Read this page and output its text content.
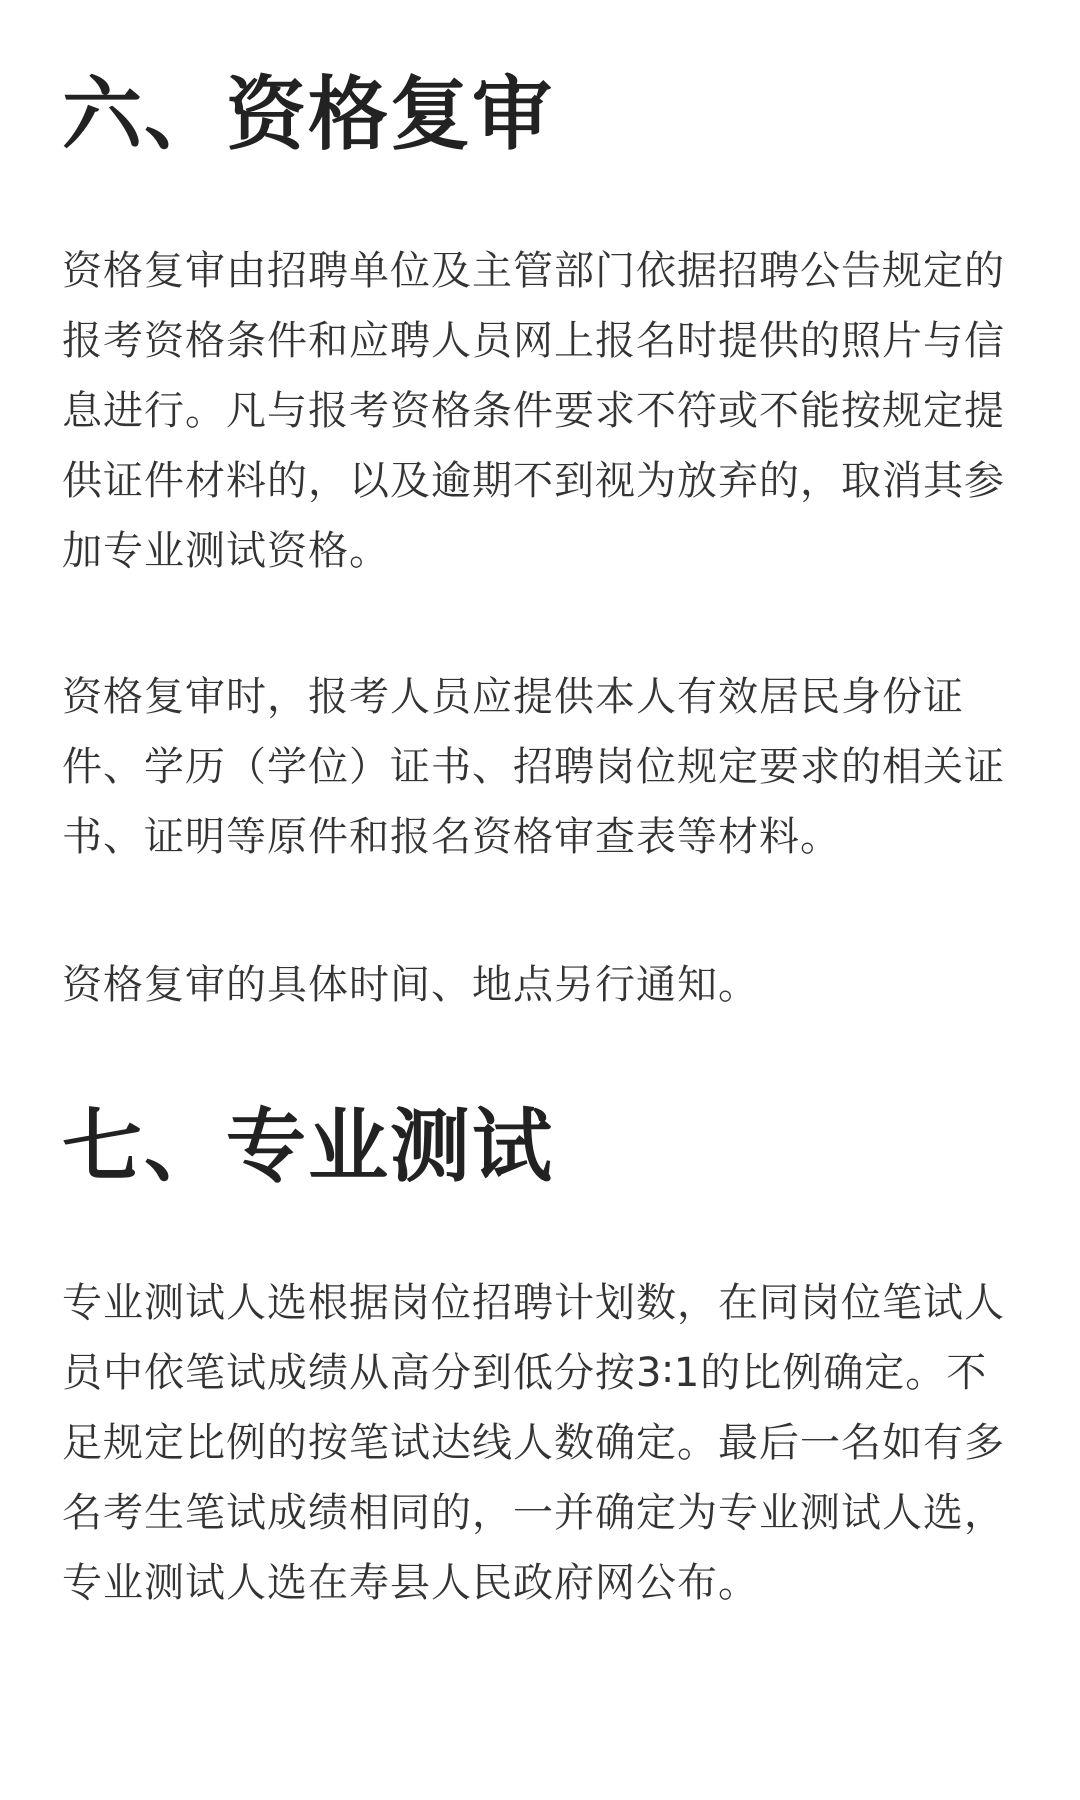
六、资格复审

资格复审由招聘单位及主管部门依据招聘公告规定的报考资格条件和应聘人员网上报名时提供的照片与信息进行。凡与报考资格条件要求不符或不能按规定提供证件材料的，以及逾期不到视为放弃的，取消其参加专业测试资格。

资格复审时，报考人员应提供本人有效居民身份证件、学历（学位）证书、招聘岗位规定要求的相关证书、证明等原件和报名资格审查表等材料。

资格复审的具体时间、地点另行通知。

七、专业测试

专业测试人选根据岗位招聘计划数，在同岗位笔试人员中依笔试成绩从高分到低分按3∶1的比例确定。不足规定比例的按笔试达线人数确定。最后一名如有多名考生笔试成绩相同的，一并确定为专业测试人选，专业测试人选在寿县人民政府网公布。
